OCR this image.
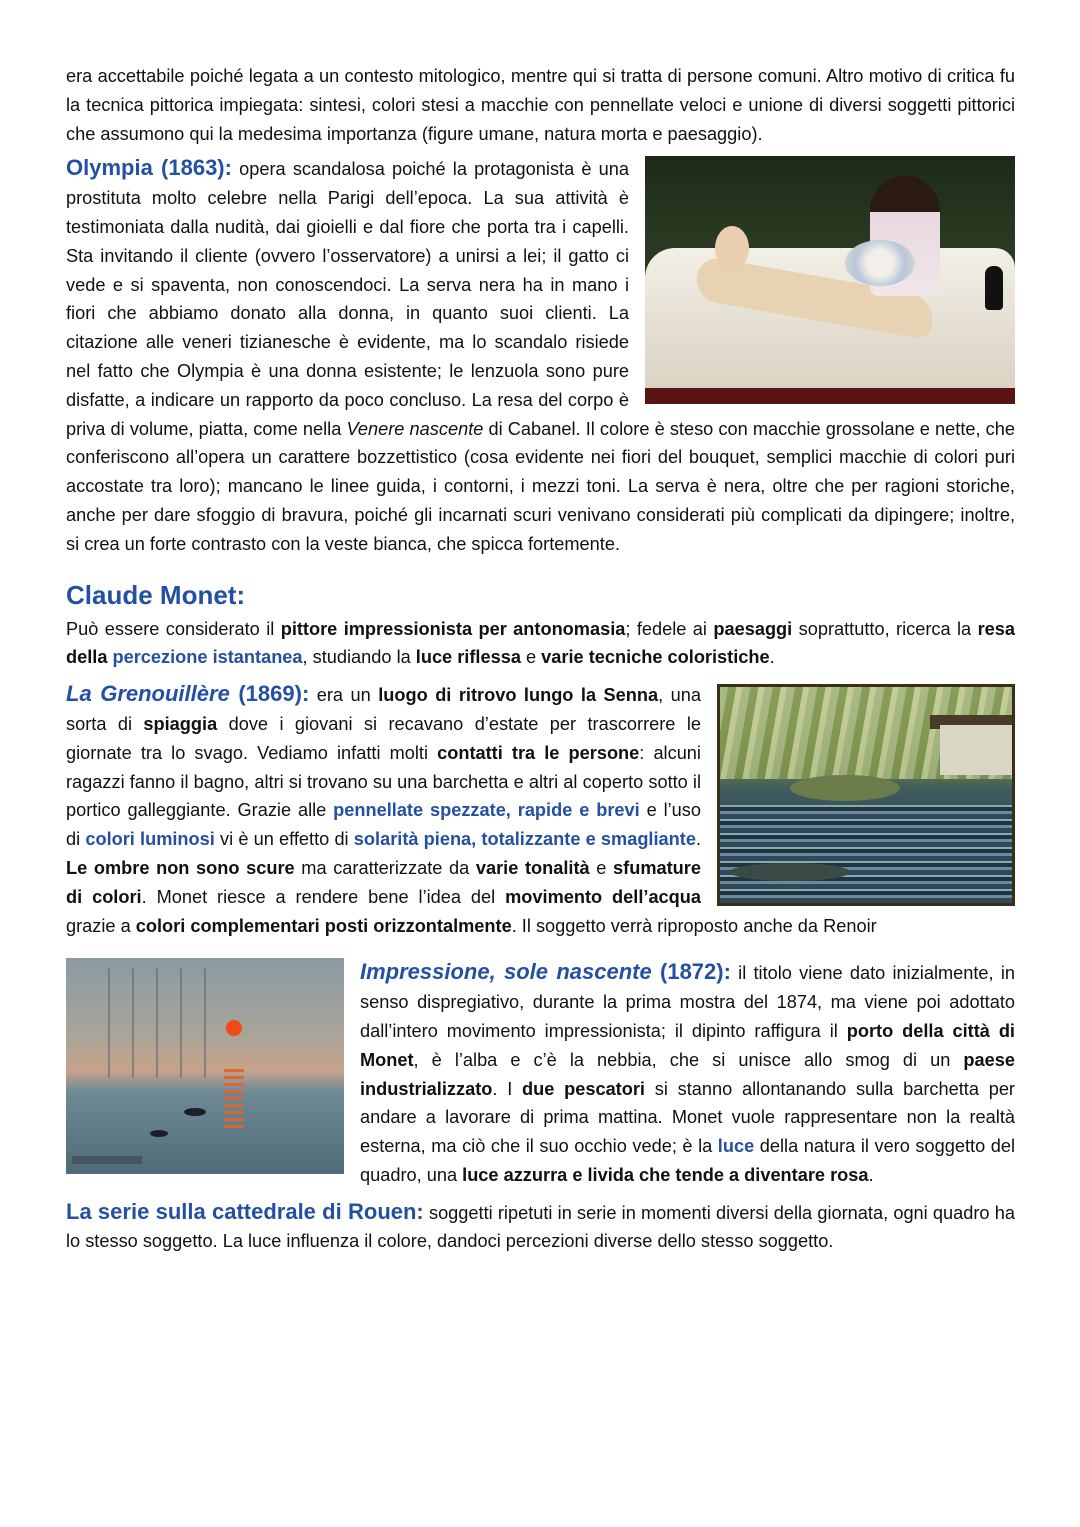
era accettabile poiché legata a un contesto mitologico, mentre qui si tratta di persone comuni. Altro motivo di critica fu la tecnica pittorica impiegata: sintesi, colori stesi a macchie con pennellate veloci e unione di diversi soggetti pittorici che assumono qui la medesima importanza (figure umane, natura morta e paesaggio).

Olympia (1863): opera scandalosa poiché la protagonista è una prostituta molto celebre nella Parigi dell’epoca. La sua attività è testimoniata dalla nudità, dai gioielli e dal fiore che porta tra i capelli. Sta invitando il cliente (ovvero l’osservatore) a unirsi a lei; il gatto ci vede e si spaventa, non conoscendoci. La serva nera ha in mano i fiori che abbiamo donato alla donna, in quanto suoi clienti. La citazione alle veneri tizianesche è evidente, ma lo scandalo risiede nel fatto che Olympia è una donna esistente; le lenzuola sono pure disfatte, a indicare un rapporto da poco concluso. La resa del corpo è priva di volume, piatta, come nella Venere nascente di Cabanel. Il colore è steso con macchie grossolane e nette, che conferiscono all’opera un carattere bozzettistico (cosa evidente nei fiori del bouquet, semplici macchie di colori puri accostate tra loro); mancano le linee guida, i contorni, i mezzi toni. La serva è nera, oltre che per ragioni storiche, anche per dare sfoggio di bravura, poiché gli incarnati scuri venivano considerati più complicati da dipingere; inoltre, si crea un forte contrasto con la veste bianca, che spicca fortemente.

Claude Monet:

Può essere considerato il pittore impressionista per antonomasia; fedele ai paesaggi soprattutto, ricerca la resa della percezione istantanea, studiando la luce riflessa e varie tecniche coloristiche.

La Grenouillère (1869): era un luogo di ritrovo lungo la Senna, una sorta di spiaggia dove i giovani si recavano d’estate per trascorrere le giornate tra lo svago. Vediamo infatti molti contatti tra le persone: alcuni ragazzi fanno il bagno, altri si trovano su una barchetta e altri al coperto sotto il portico galleggiante. Grazie alle pennellate spezzate, rapide e brevi e l’uso di colori luminosi vi è un effetto di solarità piena, totalizzante e smagliante. Le ombre non sono scure ma caratterizzate da varie tonalità e sfumature di colori. Monet riesce a rendere bene l’idea del movimento dell’acqua grazie a colori complementari posti orizzontalmente. Il soggetto verrà riproposto anche da Renoir

Impressione, sole nascente (1872): il titolo viene dato inizialmente, in senso dispregiativo, durante la prima mostra del 1874, ma viene poi adottato dall’intero movimento impressionista; il dipinto raffigura il porto della città di Monet, è l’alba e c’è la nebbia, che si unisce allo smog di un paese industrializzato. I due pescatori si stanno allontanando sulla barchetta per andare a lavorare di prima mattina. Monet vuole rappresentare non la realtà esterna, ma ciò che il suo occhio vede; è la luce della natura il vero soggetto del quadro, una luce azzurra e livida che tende a diventare rosa.

La serie sulla cattedrale di Rouen: soggetti ripetuti in serie in momenti diversi della giornata, ogni quadro ha lo stesso soggetto. La luce influenza il colore, dandoci percezioni diverse dello stesso soggetto.
